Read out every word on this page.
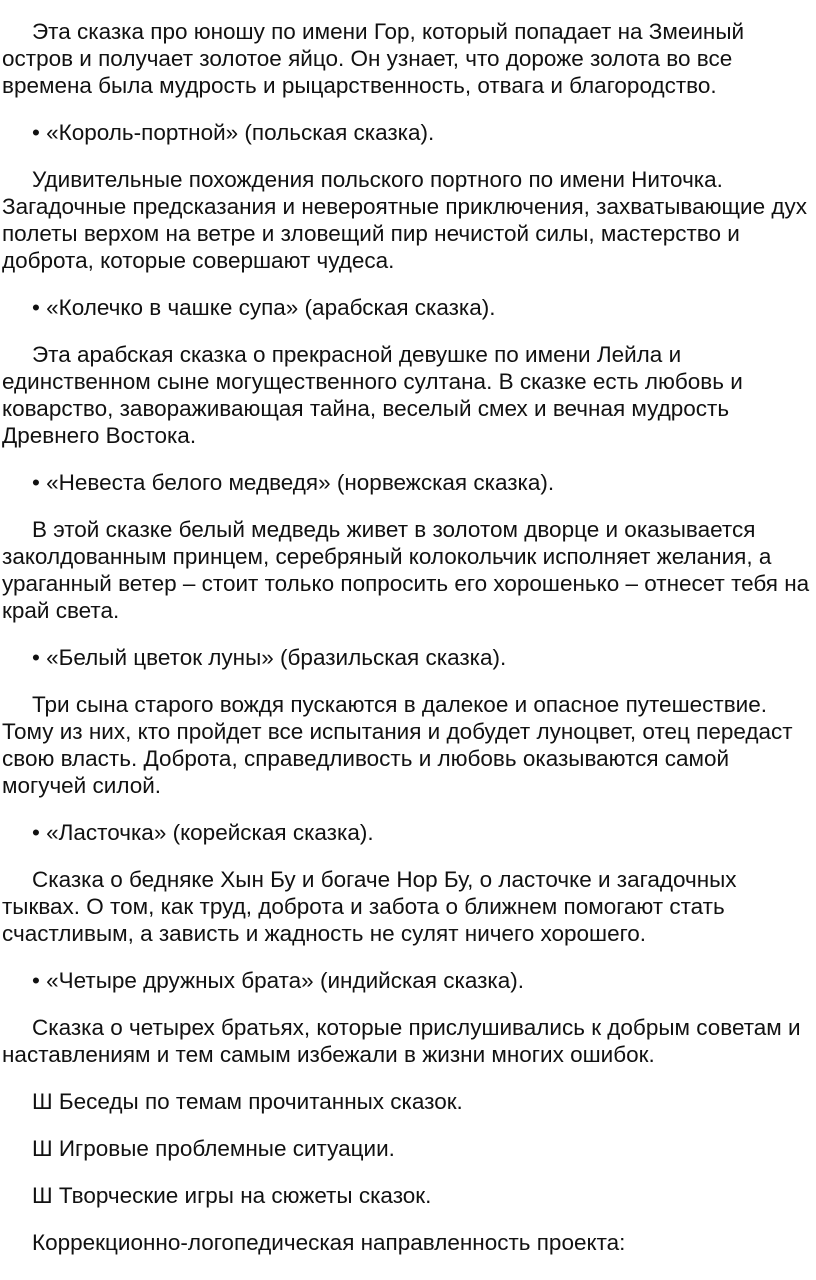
Эта сказка про юношу по имени Гор, который попадает на Змеиный остров и получает золотое яйцо. Он узнает, что дороже золота во все времена была мудрость и рыцарственность, отвага и благородство.

• «Король-портной» (польская сказка).

Удивительные похождения польского портного по имени Ниточка. Загадочные предсказания и невероятные приключения, захватывающие дух полеты верхом на ветре и зловещий пир нечистой силы, мастерство и доброта, которые совершают чудеса.

• «Колечко в чашке супа» (арабская сказка).

Эта арабская сказка о прекрасной девушке по имени Лейла и единственном сыне могущественного султана. В сказке есть любовь и коварство, завораживающая тайна, веселый смех и вечная мудрость Древнего Востока.

• «Невеста белого медведя» (норвежская сказка).

В этой сказке белый медведь живет в золотом дворце и оказывается заколдованным принцем, серебряный колокольчик исполняет желания, а ураганный ветер – стоит только попросить его хорошенько – отнесет тебя на край света.

• «Белый цветок луны» (бразильская сказка).

Три сына старого вождя пускаются в далекое и опасное путешествие. Тому из них, кто пройдет все испытания и добудет луноцвет, отец передаст свою власть. Доброта, справедливость и любовь оказываются самой могучей силой.

• «Ласточка» (корейская сказка).

Сказка о бедняке Хын Бу и богаче Нор Бу, о ласточке и загадочных тыквах. О том, как труд, доброта и забота о ближнем помогают стать счастливым, а зависть и жадность не сулят ничего хорошего.

• «Четыре дружных брата» (индийская сказка).

Сказка о четырех братьях, которые прислушивались к добрым советам и наставлениям и тем самым избежали в жизни многих ошибок.

Ш Беседы по темам прочитанных сказок.

Ш Игровые проблемные ситуации.

Ш Творческие игры на сюжеты сказок.

Коррекционно-логопедическая направленность проекта:
